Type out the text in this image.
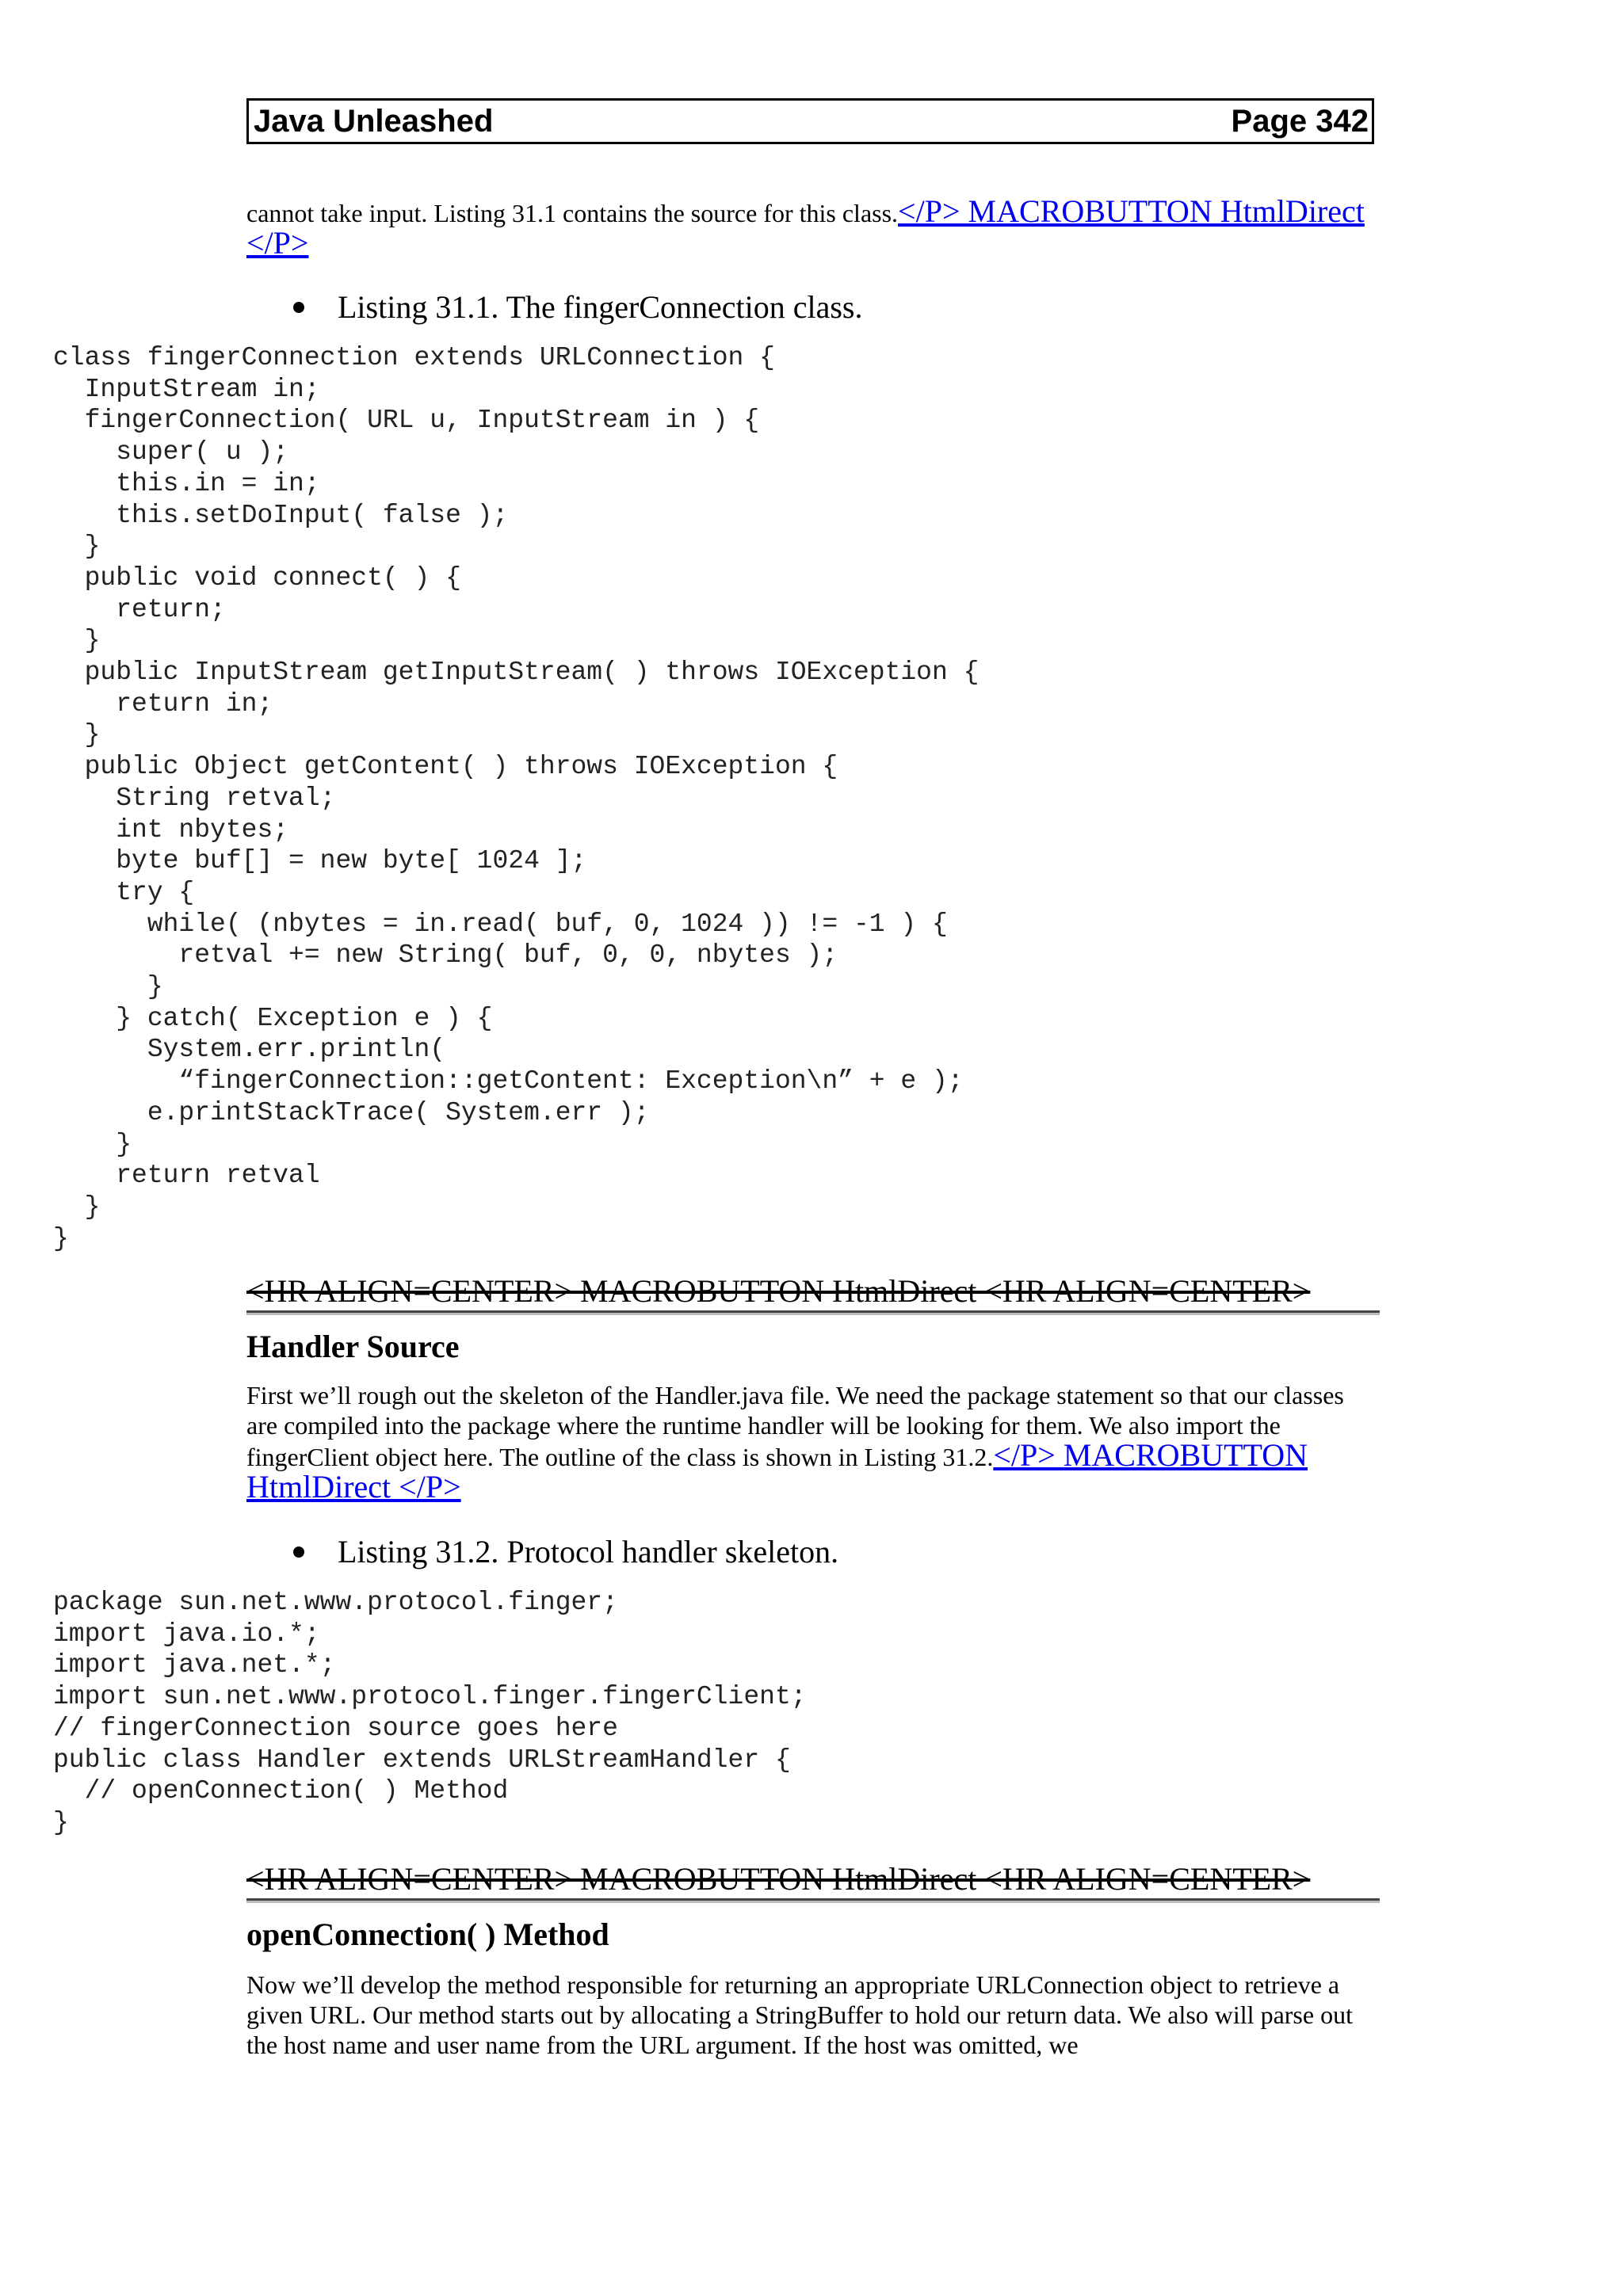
Java Unleashed	Page 342
cannot take input. Listing 31.1 contains the source for this class.</P> MACROBUTTON HtmlDirect </P>
Listing 31.1. The fingerConnection class.
class fingerConnection extends URLConnection {
InputStream in;
fingerConnection( URL u, InputStream in ) {
super( u );
this.in = in;
this.setDoInput( false );
}
public void connect( ) {
return;
}
public InputStream getInputStream( ) throws IOException {
return in;
}
public Object getContent( ) throws IOException {
String retval;
int nbytes;
byte buf[] = new byte[ 1024 ];
try {
while( (nbytes = in.read( buf, 0, 1024 )) != -1 ) {
retval += new String( buf, 0, 0, nbytes );
}
} catch( Exception e ) {
System.err.println(
“fingerConnection::getContent: Exception\n” + e );
e.printStackTrace( System.err );
}
return retval
}
}
<HR ALIGN=CENTER> MACROBUTTON HtmlDirect <HR ALIGN=CENTER>
Handler Source
First we’ll rough out the skeleton of the Handler.java file. We need the package statement so that our classes are compiled into the package where the runtime handler will be looking for them. We also import the fingerClient object here. The outline of the class is shown in Listing 31.2.</P> MACROBUTTON HtmlDirect </P>
Listing 31.2. Protocol handler skeleton.
package sun.net.www.protocol.finger;
import java.io.*;
import java.net.*;
import sun.net.www.protocol.finger.fingerClient;
// fingerConnection source goes here
public class Handler extends URLStreamHandler {
// openConnection( ) Method
}
<HR ALIGN=CENTER> MACROBUTTON HtmlDirect <HR ALIGN=CENTER>
openConnection( ) Method
Now we’ll develop the method responsible for returning an appropriate URLConnection object to retrieve a given URL. Our method starts out by allocating a StringBuffer to hold our return data. We also will parse out the host name and user name from the URL argument. If the host was omitted, we
